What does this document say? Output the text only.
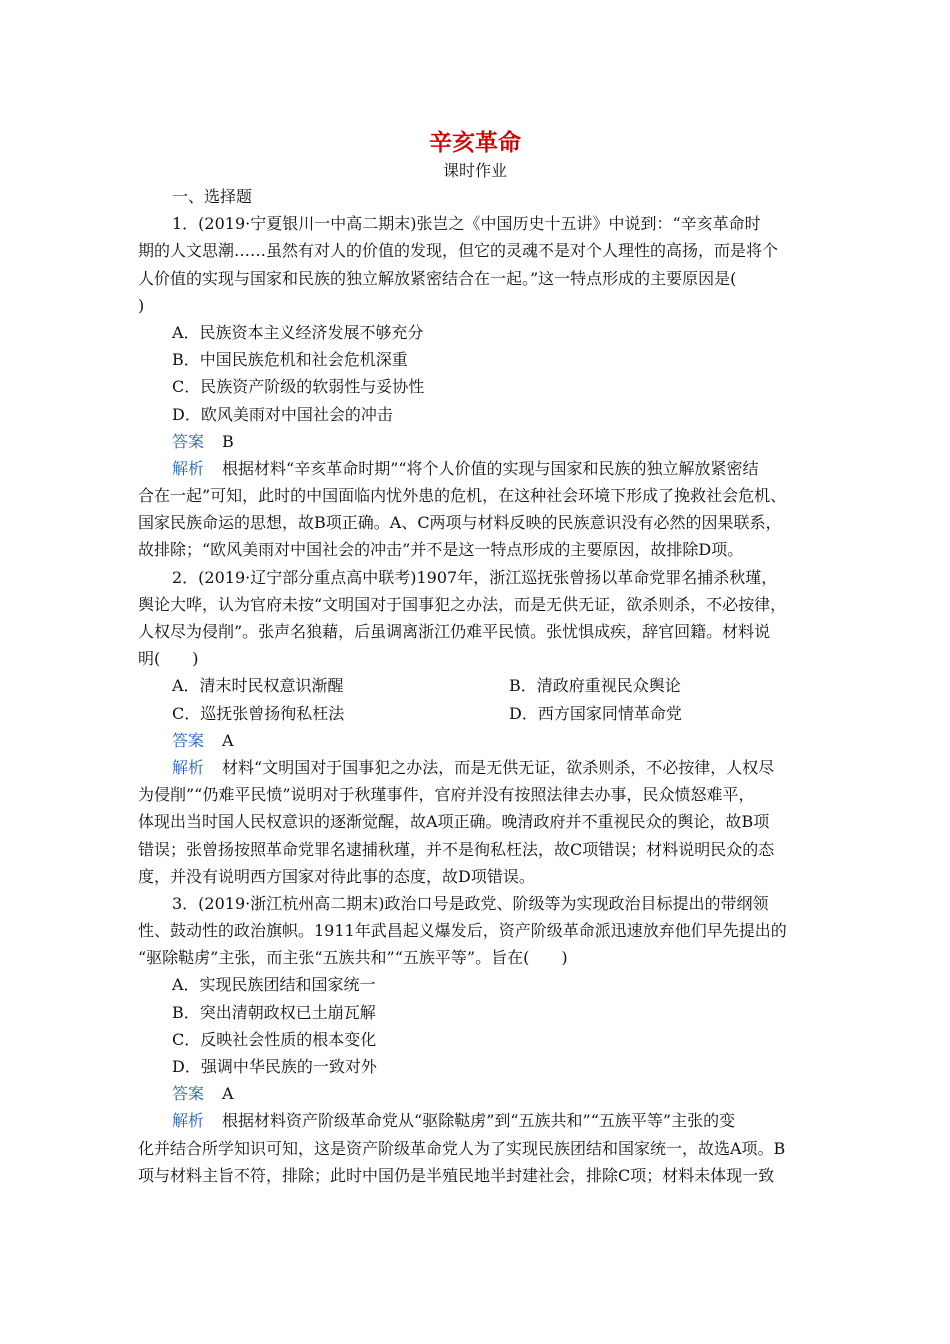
辛亥革命
课时作业
一、选择题
1．(2019·宁夏银川一中高二期末)张岂之《中国历史十五讲》中说到：“辛亥革命时
期的人文思潮……虽然有对人的价值的发现，但它的灵魂不是对个人理性的高扬，而是将个
人价值的实现与国家和民族的独立解放紧密结合在一起。”这一特点形成的主要原因是(
)
A．民族资本主义经济发展不够充分
B．中国民族危机和社会危机深重
C．民族资产阶级的软弱性与妥协性
D．欧风美雨对中国社会的冲击
答案 B
解析 根据材料“辛亥革命时期”“将个人价值的实现与国家和民族的独立解放紧密结
合在一起”可知，此时的中国面临内忧外患的危机，在这种社会环境下形成了挽救社会危机、
国家民族命运的思想，故B项正确。A、C两项与材料反映的民族意识没有必然的因果联系，
故排除；“欧风美雨对中国社会的冲击”并不是这一特点形成的主要原因，故排除D项。
2．(2019·辽宁部分重点高中联考)1907年，浙江巡抚张曾扬以革命党罪名捕杀秋瑾，
舆论大哗，认为官府未按“文明国对于国事犯之办法，而是无供无证，欲杀则杀，不必按律，
人权尽为侵削”。张声名狼藉，后虽调离浙江仍难平民愤。张忧惧成疾，辞官回籍。材料说
明(　　)
A．清末时民权意识渐醒	B．清政府重视民众舆论
C．巡抚张曾扬徇私枉法	D．西方国家同情革命党
答案 A
解析 材料“文明国对于国事犯之办法，而是无供无证，欲杀则杀，不必按律，人权尽
为侵削”“仍难平民愤”说明对于秋瑾事件，官府并没有按照法律去办事，民众愤怒难平，
体现出当时国人民权意识的逐渐觉醒，故A项正确。晚清政府并不重视民众的舆论，故B项
错误；张曾扬按照革命党罪名逮捕秋瑾，并不是徇私枉法，故C项错误；材料说明民众的态
度，并没有说明西方国家对待此事的态度，故D项错误。
3．(2019·浙江杭州高二期末)政治口号是政党、阶级等为实现政治目标提出的带纲领
性、鼓动性的政治旗帜。1911年武昌起义爆发后，资产阶级革命派迅速放弃他们早先提出的
“驱除鞑虏”主张，而主张“五族共和”“五族平等”。旨在(　　)
A．实现民族团结和国家统一
B．突出清朝政权已土崩瓦解
C．反映社会性质的根本变化
D．强调中华民族的一致对外
答案 A
解析 根据材料资产阶级革命党从“驱除鞑虏”到“五族共和”“五族平等”主张的变
化并结合所学知识可知，这是资产阶级革命党人为了实现民族团结和国家统一，故选A项。B
项与材料主旨不符，排除；此时中国仍是半殖民地半封建社会，排除C项；材料未体现一致
